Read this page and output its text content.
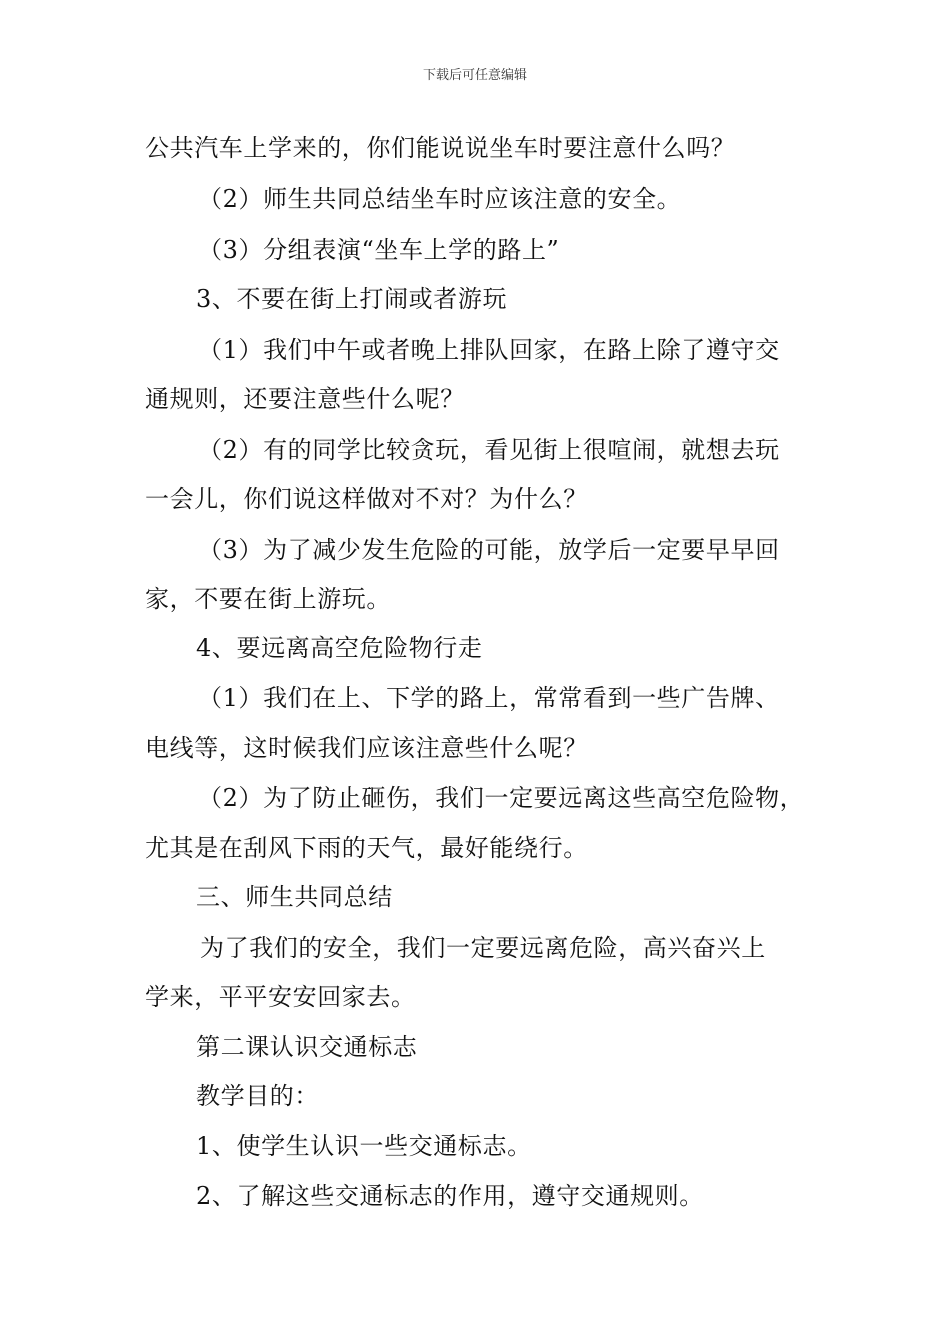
下载后可任意编辑
公共汽车上学来的，你们能说说坐车时要注意什么吗？
（2）师生共同总结坐车时应该注意的安全。
（3）分组表演“坐车上学的路上”
3、不要在街上打闹或者游玩
（1）我们中午或者晚上排队回家，在路上除了遵守交
通规则，还要注意些什么呢？
（2）有的同学比较贪玩，看见街上很喧闹，就想去玩
一会儿，你们说这样做对不对？为什么？
（3）为了减少发生危险的可能，放学后一定要早早回
家，不要在街上游玩。
4、要远离高空危险物行走
（1）我们在上、下学的路上，常常看到一些广告牌、
电线等，这时候我们应该注意些什么呢？
（2）为了防止砸伤，我们一定要远离这些高空危险物，
尤其是在刮风下雨的天气，最好能绕行。
三、师生共同总结
为了我们的安全，我们一定要远离危险，高兴奋兴上
学来，平平安安回家去。
第二课认识交通标志
教学目的：
1、使学生认识一些交通标志。
2、了解这些交通标志的作用，遵守交通规则。
